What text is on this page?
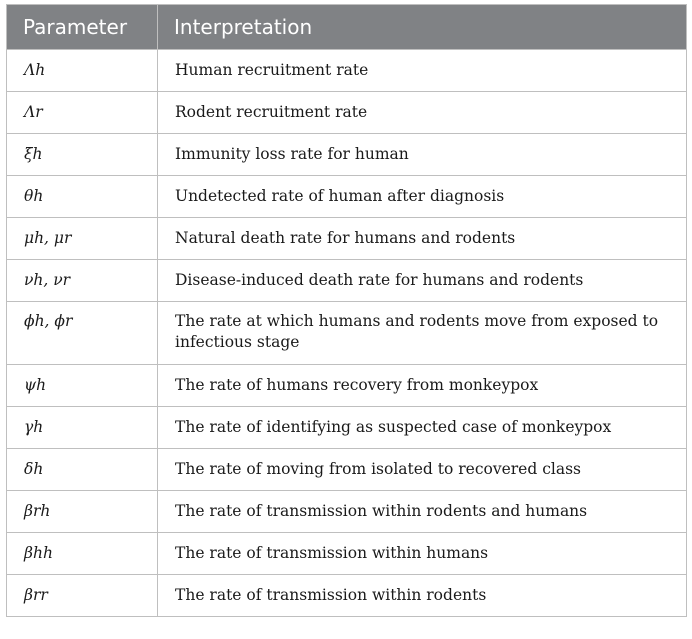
Parameter	Interpretation
Λh	Human recruitment rate
Λr	Rodent recruitment rate
ξh	Immunity loss rate for human
θh	Undetected rate of human after diagnosis
μh, μr	Natural death rate for humans and rodents
νh, νr	Disease-induced death rate for humans and rodents
ϕh, ϕr	The rate at which humans and rodents move from exposed to infectious stage
ψh	The rate of humans recovery from monkeypox
γh	The rate of identifying as suspected case of monkeypox
δh	The rate of moving from isolated to recovered class
βrh	The rate of transmission within rodents and humans
βhh	The rate of transmission within humans
βrr	The rate of transmission within rodents
